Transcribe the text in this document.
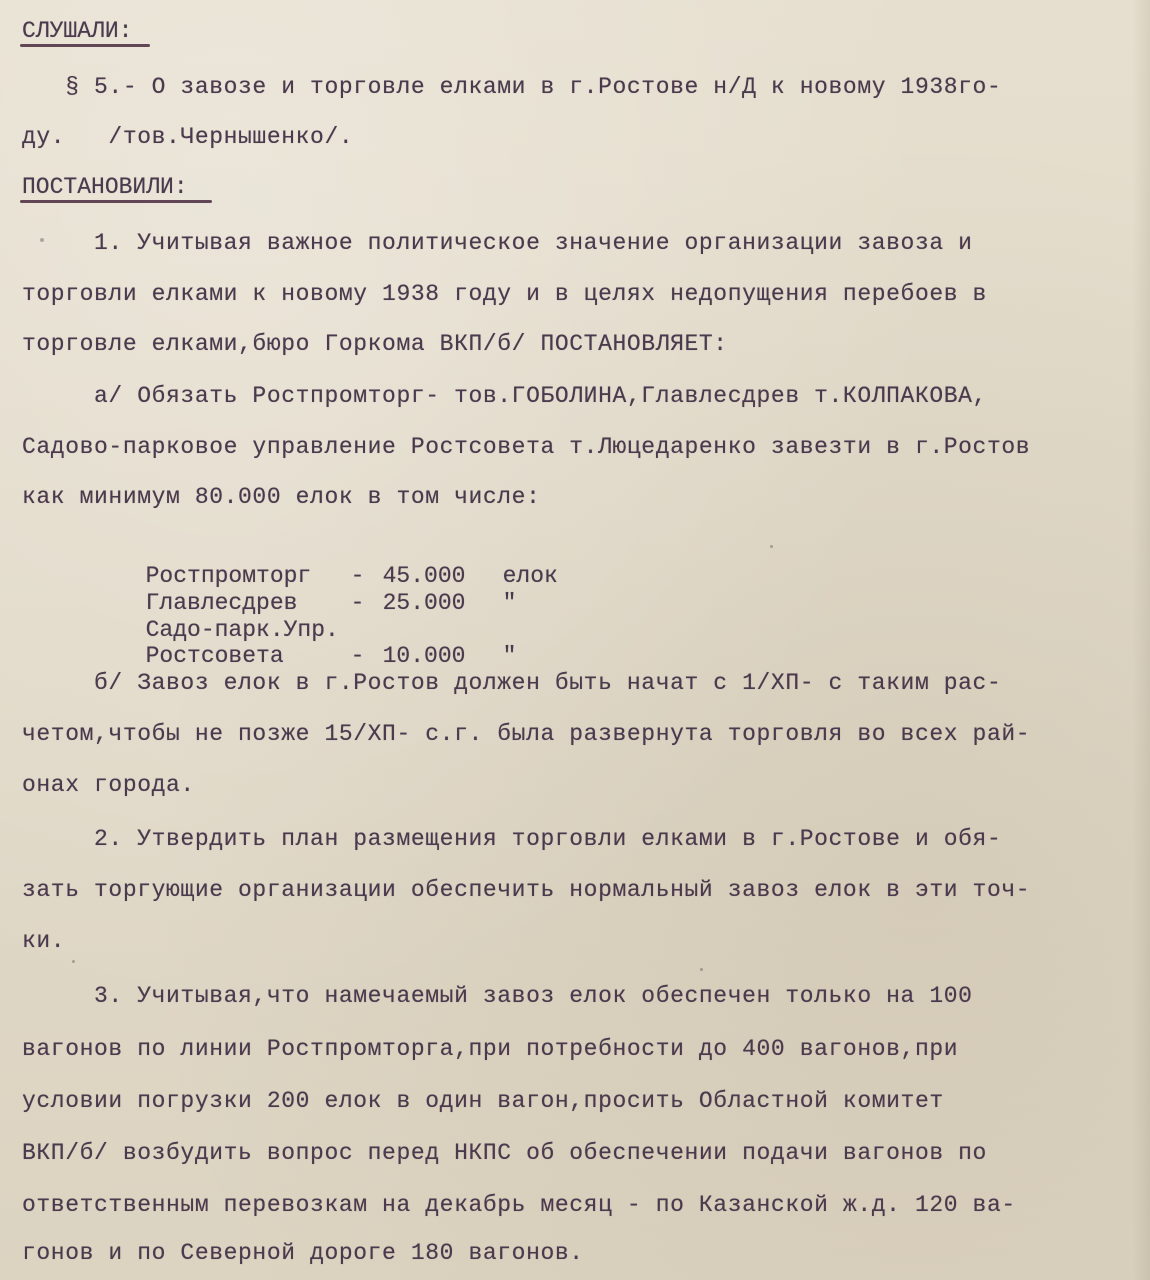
СЛУШАЛИ:
§ 5.- О завозе и торговле елками в г.Ростове н/Д к новому 1938го-
ду.   /тов.Чернышенко/.
ПОСТАНОВИЛИ:
1. Учитывая важное политическое значение организации завоза и
торговли елками к новому 1938 году и в целях недопущения перебоев в
торговле елками,бюро Горкома ВКП/б/ ПОСТАНОВЛЯЕТ:
а/ Обязать Ростпромторг- тов.ГОБОЛИНА,Главлесдрев т.КОЛПАКОВА,
Садово-парковое управление Ростсовета т.Люцедаренко завезти в г.Ростов
как минимум 80.000 елок в том числе:

Ростпромторг - 45.000 елок

Главлесдрев - 25.000 "

Садо-парк.Упр.

Ростсовета	- 10.000 "

б/ Завоз елок в г.Ростов должен быть начат с 1/ХП- с таким рас-
четом,чтобы не позже 15/ХП- с.г. была развернута торговля во всех рай-
онах города.
2. Утвердить план размещения торговли елками в г.Ростове и обя-
зать торгующие организации обеспечить нормальный завоз елок в эти точ-
ки.
3. Учитывая,что намечаемый завоз елок обеспечен только на 100
вагонов по линии Ростпромторга,при потребности до 400 вагонов,при
условии погрузки 200 елок в один вагон,просить Областной комитет
ВКП/б/ возбудить вопрос перед НКПС об обеспечении подачи вагонов по
ответственным перевозкам на декабрь месяц - по Казанской ж.д. 120 ва-
гонов и по Северной дороге 180 вагонов.
